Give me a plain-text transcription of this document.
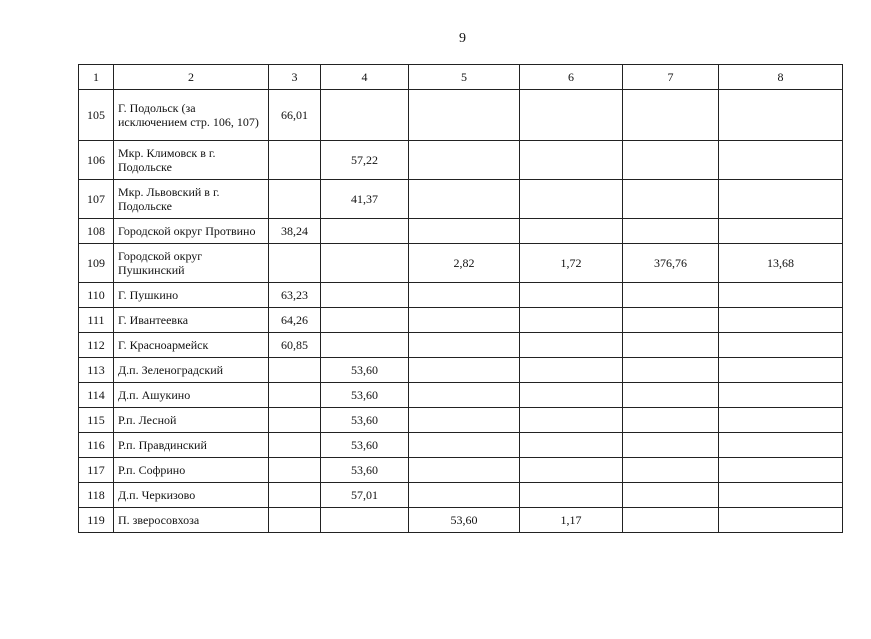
9
1	2	3	4	5	6	7	8
105	Г. Подольск (за исключением стр. 106, 107)	66,01					
106	Мкр. Климовск в г. Подольске		57,22				
107	Мкр. Львовский в г. Подольске		41,37				
108	Городской округ Протвино	38,24					
109	Городской округ Пушкинский			2,82	1,72	376,76	13,68
110	Г. Пушкино	63,23					
111	Г. Ивантеевка	64,26					
112	Г. Красноармейск	60,85					
113	Д.п. Зеленоградский		53,60				
114	Д.п. Ашукино		53,60				
115	Р.п. Лесной		53,60				
116	Р.п. Правдинский		53,60				
117	Р.п. Софрино		53,60				
118	Д.п. Черкизово		57,01				
119	П. зверосовхоза			53,60	1,17		
